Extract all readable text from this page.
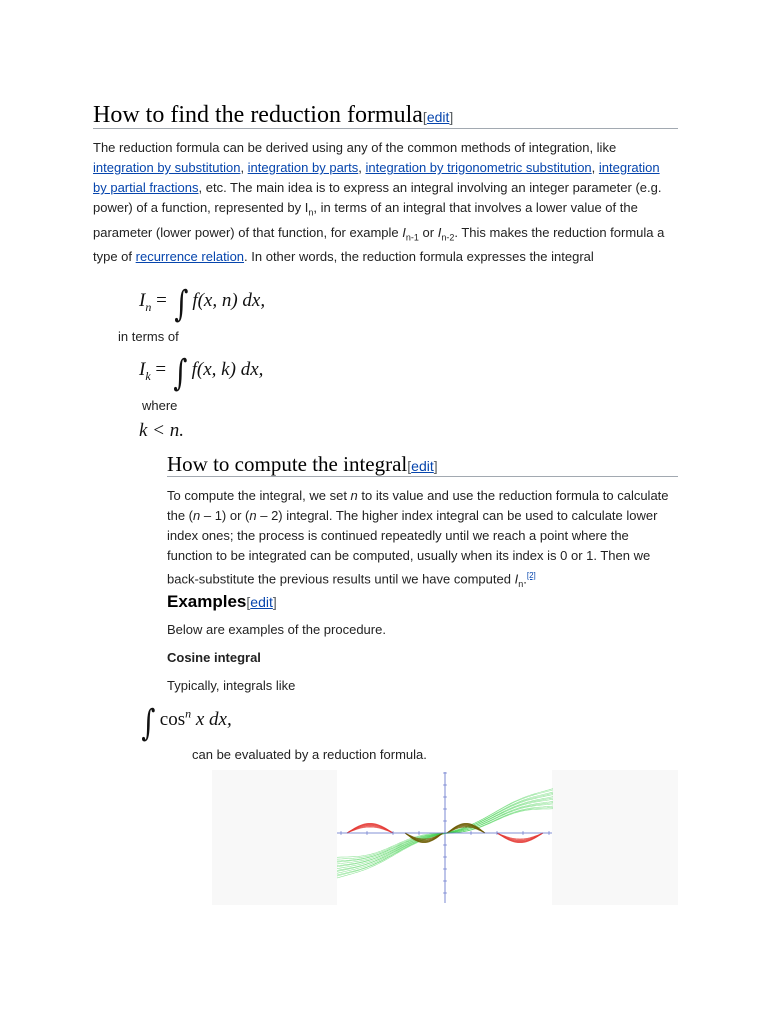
How to find the reduction formula[edit]
The reduction formula can be derived using any of the common methods of integration, like integration by substitution, integration by parts, integration by trigonometric substitution, integration by partial fractions, etc. The main idea is to express an integral involving an integer parameter (e.g. power) of a function, represented by $I_n$, in terms of an integral that involves a lower value of the parameter (lower power) of that function, for example $I_{n-1}$ or $I_{n-2}$. This makes the reduction formula a type of recurrence relation. In other words, the reduction formula expresses the integral
$I_n$ = ∫ f(x, n) dx,
in terms of
$I_k$ = ∫ f(x, k) dx,
where
k < n.
How to compute the integral[edit]
To compute the integral, we set n to its value and use the reduction formula to calculate the (n – 1) or (n – 2) integral. The higher index integral can be used to calculate lower index ones; the process is continued repeatedly until we reach a point where the function to be integrated can be computed, usually when its index is 0 or 1. Then we back-substitute the previous results until we have computed $I_n.[2]$
Examples[edit]
Below are examples of the procedure.
Cosine integral
Typically, integrals like
∫ $\cos^n x$ dx,
can be evaluated by a reduction formula.
